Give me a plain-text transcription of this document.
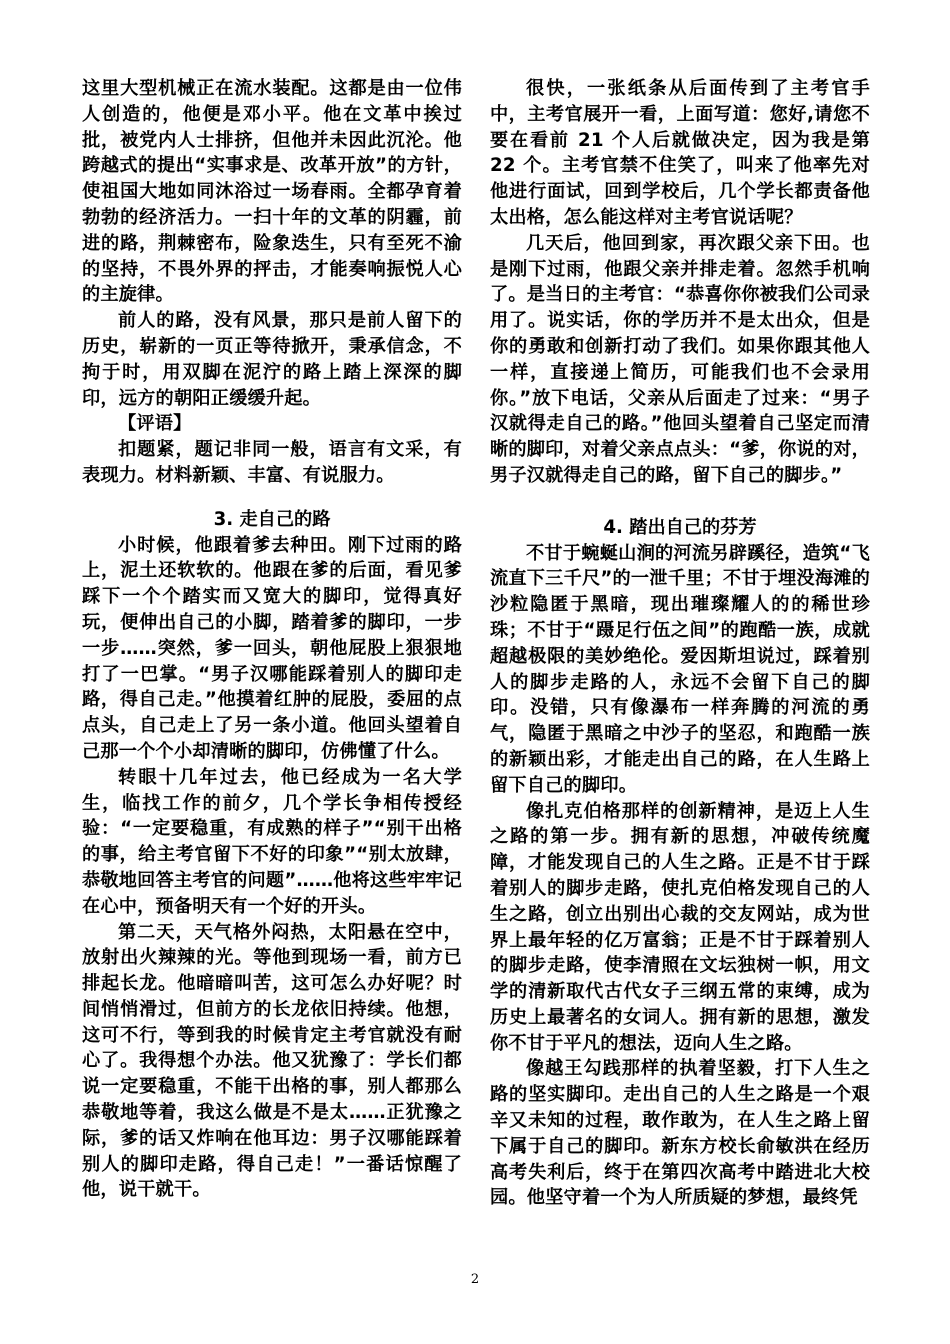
这里大型机械正在流水装配。这都是由一位伟人创造的，他便是邓小平。他在文革中挨过批，被党内人士排挤，但他并未因此沉沦。他跨越式的提出“实事求是、改革开放”的方针，使祖国大地如同沐浴过一场春雨。全都孕育着勃勃的经济活力。一扫十年的文革的阴霾，前进的路，荆棘密布，险象迭生，只有至死不渝的坚持，不畏外界的抨击，才能奏响振悦人心的主旋律。

前人的路，没有风景，那只是前人留下的历史，崭新的一页正等待掀开，秉承信念，不拘于时，用双脚在泥泞的路上踏上深深的脚印，远方的朝阳正缓缓升起。

【评语】

扣题紧，题记非同一般，语言有文采，有表现力。材料新颖、丰富、有说服力。

3. 走自己的路

小时候，他跟着爹去种田。刚下过雨的路上，泥土还软软的。他跟在爹的后面，看见爹踩下一个个踏实而又宽大的脚印，觉得真好玩，便伸出自己的小脚，踏着爹的脚印，一步一步……突然，爹一回头，朝他屁股上狠狠地打了一巴掌。“男子汉哪能踩着别人的脚印走路，得自己走。”他摸着红肿的屁股，委屈的点点头，自己走上了另一条小道。他回头望着自己那一个个小却清晰的脚印，仿佛懂了什么。

转眼十几年过去，他已经成为一名大学生，临找工作的前夕，几个学长争相传授经验：“一定要稳重，有成熟的样子”“别干出格的事，给主考官留下不好的印象”“别太放肆，恭敬地回答主考官的问题”……他将这些牢牢记在心中，预备明天有一个好的开头。

第二天，天气格外闷热，太阳悬在空中，放射出火辣辣的光。等他到现场一看，前方已排起长龙。他暗暗叫苦，这可怎么办好呢？时间悄悄滑过，但前方的长龙依旧持续。他想，这可不行，等到我的时候肯定主考官就没有耐心了。我得想个办法。他又犹豫了：学长们都说一定要稳重，不能干出格的事，别人都那么恭敬地等着，我这么做是不是太……正犹豫之际，爹的话又炸响在他耳边：男子汉哪能踩着别人的脚印走路，得自己走！”一番话惊醒了他，说干就干。

很快，一张纸条从后面传到了主考官手中，主考官展开一看，上面写道：您好,请您不要在看前 21 个人后就做决定，因为我是第 22 个。主考官禁不住笑了，叫来了他率先对他进行面试，回到学校后，几个学长都责备他太出格，怎么能这样对主考官说话呢？

几天后，他回到家，再次跟父亲下田。也是刚下过雨，他跟父亲并排走着。忽然手机响了。是当日的主考官：“恭喜你你被我们公司录用了。说实话，你的学历并不是太出众，但是你的勇敢和创新打动了我们。如果你跟其他人一样，直接递上简历，可能我们也不会录用你。”放下电话，父亲从后面走了过来：“男子汉就得走自己的路。”他回头望着自己坚定而清晰的脚印，对着父亲点点头：“爹，你说的对，男子汉就得走自己的路，留下自己的脚步。”

4. 踏出自己的芬芳

不甘于蜿蜒山涧的河流另辟蹊径，造筑“飞流直下三千尺”的一泄千里；不甘于埋没海滩的沙粒隐匿于黑暗，现出璀璨耀人的的稀世珍珠；不甘于“蹑足行伍之间”的跑酷一族，成就超越极限的美妙绝伦。爱因斯坦说过，踩着别人的脚步走路的人，永远不会留下自己的脚印。没错，只有像瀑布一样奔腾的河流的勇气，隐匿于黑暗之中沙子的坚忍，和跑酷一族的新颖出彩，才能走出自己的路，在人生路上留下自己的脚印。

像扎克伯格那样的创新精神，是迈上人生之路的第一步。拥有新的思想，冲破传统魔障，才能发现自己的人生之路。正是不甘于踩着别人的脚步走路，使扎克伯格发现自己的人生之路，创立出别出心裁的交友网站，成为世界上最年轻的亿万富翁；正是不甘于踩着别人的脚步走路，使李清照在文坛独树一帜，用文学的清新取代古代女子三纲五常的束缚，成为历史上最著名的女词人。拥有新的思想，激发你不甘于平凡的想法，迈向人生之路。

像越王勾践那样的执着坚毅，打下人生之路的坚实脚印。走出自己的人生之路是一个艰辛又未知的过程，敢作敢为，在人生之路上留下属于自己的脚印。新东方校长俞敏洪在经历高考失利后，终于在第四次高考中踏进北大校园。他坚守着一个为人所质疑的梦想，最终凭

2
